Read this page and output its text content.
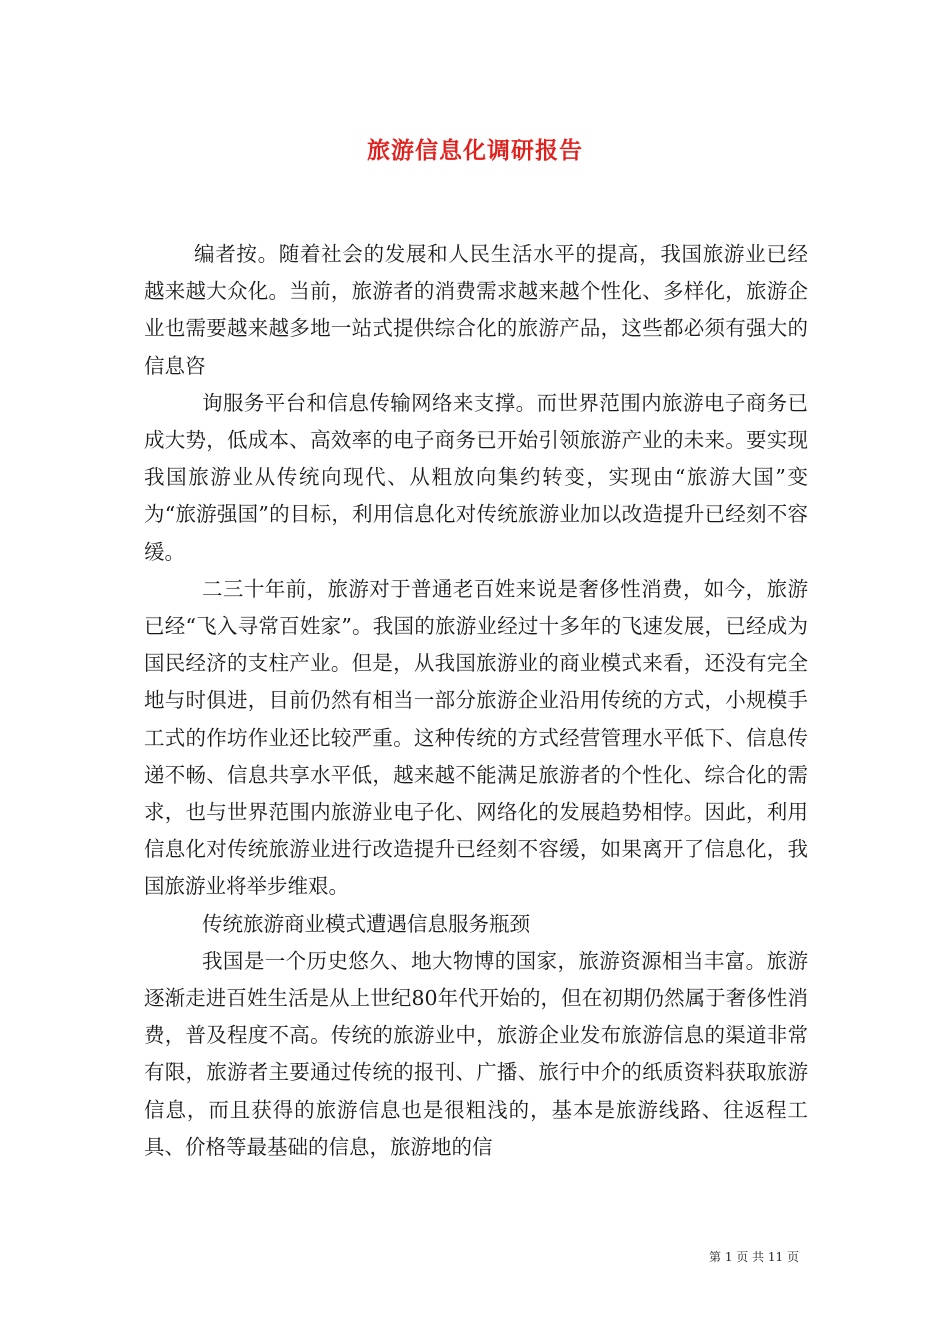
旅游信息化调研报告

编者按。随着社会的发展和人民生活水平的提高，我国旅游业已经越来越大众化。当前，旅游者的消费需求越来越个性化、多样化，旅游企业也需要越来越多地一站式提供综合化的旅游产品，这些都必须有强大的信息咨

询服务平台和信息传输网络来支撑。而世界范围内旅游电子商务已成大势，低成本、高效率的电子商务已开始引领旅游产业的未来。要实现我国旅游业从传统向现代、从粗放向集约转变，实现由“旅游大国”变为“旅游强国”的目标，利用信息化对传统旅游业加以改造提升已经刻不容缓。

二三十年前，旅游对于普通老百姓来说是奢侈性消费，如今，旅游已经“飞入寻常百姓家”。我国的旅游业经过十多年的飞速发展，已经成为国民经济的支柱产业。但是，从我国旅游业的商业模式来看，还没有完全地与时俱进，目前仍然有相当一部分旅游企业沿用传统的方式，小规模手工式的作坊作业还比较严重。这种传统的方式经营管理水平低下、信息传递不畅、信息共享水平低，越来越不能满足旅游者的个性化、综合化的需求，也与世界范围内旅游业电子化、网络化的发展趋势相悖。因此，利用信息化对传统旅游业进行改造提升已经刻不容缓，如果离开了信息化，我国旅游业将举步维艰。

传统旅游商业模式遭遇信息服务瓶颈

我国是一个历史悠久、地大物博的国家，旅游资源相当丰富。旅游逐渐走进百姓生活是从上世纪80年代开始的，但在初期仍然属于奢侈性消费，普及程度不高。传统的旅游业中，旅游企业发布旅游信息的渠道非常有限，旅游者主要通过传统的报刊、广播、旅行中介的纸质资料获取旅游信息，而且获得的旅游信息也是很粗浅的，基本是旅游线路、往返程工具、价格等最基础的信息，旅游地的信

第 1 页 共 11 页
